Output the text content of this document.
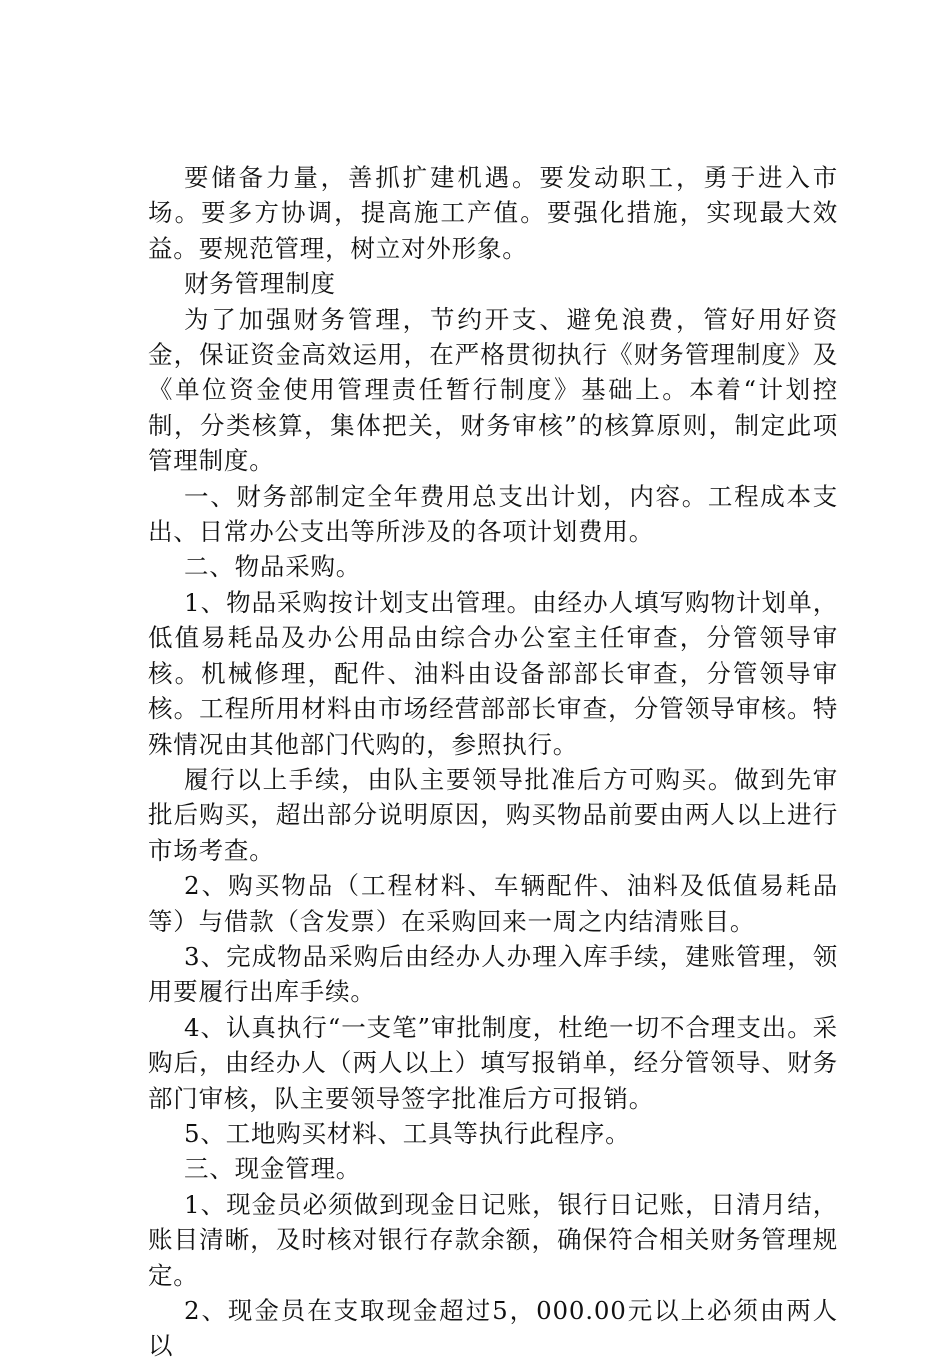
要储备力量，善抓扩建机遇。要发动职工，勇于进入市场。要多方协调，提高施工产值。要强化措施，实现最大效益。要规范管理，树立对外形象。

财务管理制度

为了加强财务管理，节约开支、避免浪费，管好用好资金，保证资金高效运用，在严格贯彻执行《财务管理制度》及《单位资金使用管理责任暂行制度》基础上。本着“计划控制，分类核算，集体把关，财务审核”的核算原则，制定此项管理制度。

一、财务部制定全年费用总支出计划，内容。工程成本支出、日常办公支出等所涉及的各项计划费用。

二、物品采购。

1、物品采购按计划支出管理。由经办人填写购物计划单，低值易耗品及办公用品由综合办公室主任审查，分管领导审核。机械修理，配件、油料由设备部部长审查，分管领导审核。工程所用材料由市场经营部部长审查，分管领导审核。特殊情况由其他部门代购的，参照执行。

履行以上手续，由队主要领导批准后方可购买。做到先审批后购买，超出部分说明原因，购买物品前要由两人以上进行市场考查。

2、购买物品（工程材料、车辆配件、油料及低值易耗品等）与借款（含发票）在采购回来一周之内结清账目。

3、完成物品采购后由经办人办理入库手续，建账管理，领用要履行出库手续。

4、认真执行“一支笔”审批制度，杜绝一切不合理支出。采购后，由经办人（两人以上）填写报销单，经分管领导、财务部门审核，队主要领导签字批准后方可报销。

5、工地购买材料、工具等执行此程序。

三、现金管理。

1、现金员必须做到现金日记账，银行日记账，日清月结，账目清晰，及时核对银行存款余额，确保符合相关财务管理规定。

2、现金员在支取现金超过5，000.00元以上必须由两人以
